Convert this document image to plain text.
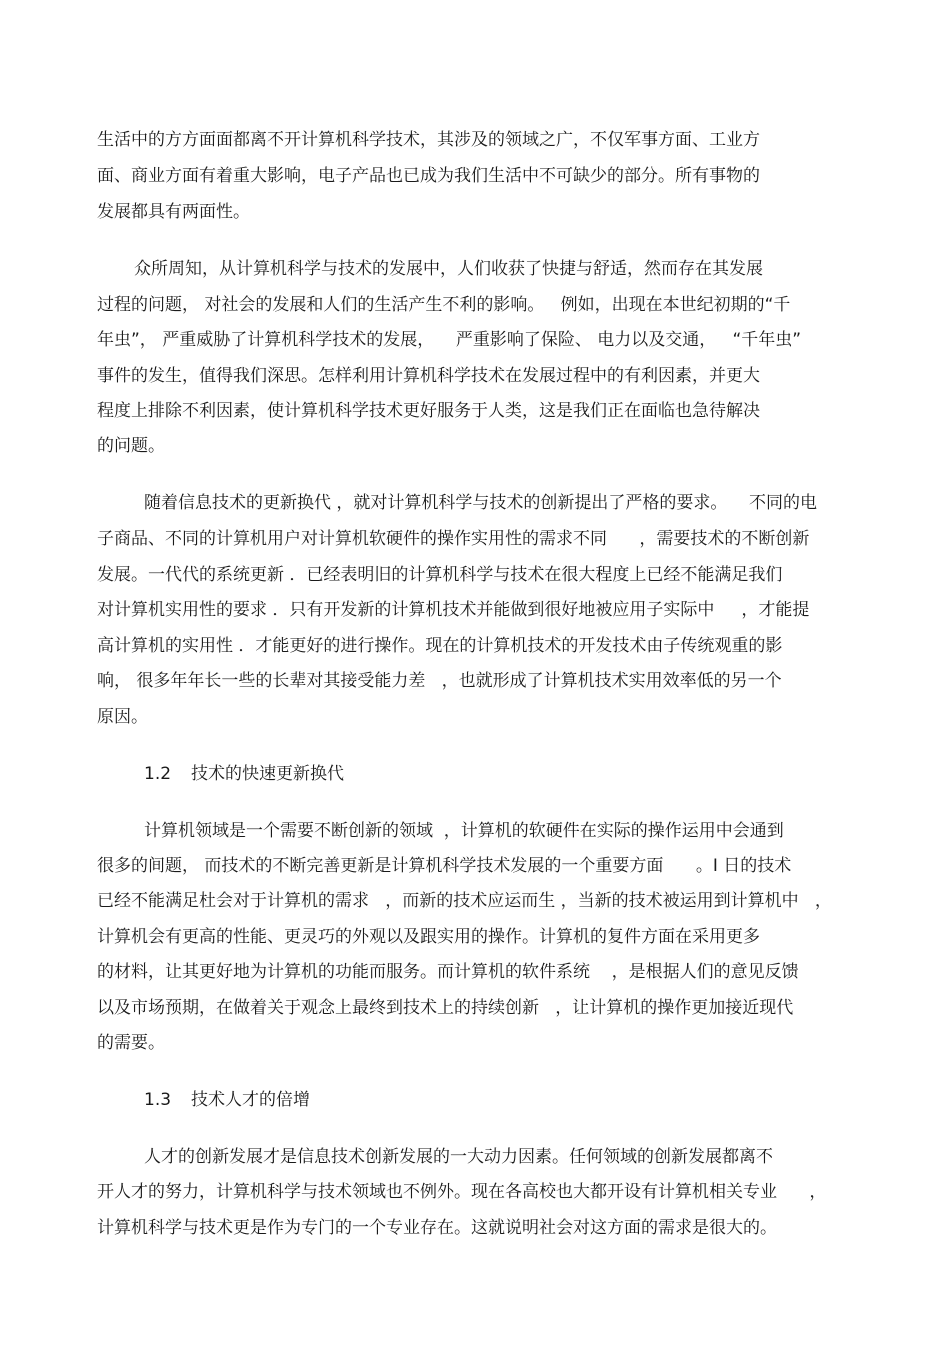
生活中的方方面面都离不开计算机科学技术，其涉及的领域之广，不仅军事方面、工业方
面、商业方面有着重大影响，电子产品也已成为我们生活中不可缺少的部分。所有事物的
发展都具有两面性。
众所周知，从计算机科学与技术的发展中，人们收获了快捷与舒适，然而存在其发展
过程的问题， 对社会的发展和人们的生活产生不利的影响。   例如，出现在本世纪初期的“千
年虫”， 严重威胁了计算机科学技术的发展，    严重影响了保险、 电力以及交通，   “千年虫”
事件的发生，值得我们深思。怎样利用计算机科学技术在发展过程中的有利因素，并更大
程度上排除不利因素，使计算机科学技术更好服务于人类，这是我们正在面临也急待解决
的问题。
随着信息技术的更新换代 ，就对计算机科学与技术的创新提出了严格的要求。    不同的电
子商品、不同的计算机用户对计算机软硬件的操作实用性的需求不同      ，需要技术的不断创新
发展。一代代的系统更新 ．已经表明旧的计算机科学与技术在很大程度上已经不能满足我们
对计算机实用性的要求 ．只有开发新的计算机技术并能做到很好地被应用子实际中     ，才能提
高计算机的实用性 ．才能更好的进行操作。现在的计算机技术的开发技术由子传统观重的影
响， 很多年年长一些的长辈对其接受能力差   ，也就形成了计算机技术实用效率低的另一个
原因。
1.2 技术的快速更新换代
计算机领域是一个需要不断创新的领域  ，计算机的软硬件在实际的操作运用中会通到
很多的间题， 而技术的不断完善更新是计算机科学技术发展的一个重要方面      。I 日的技术
已经不能满足杜会对于计算机的需求   ，而新的技术应运而生 ，当新的技术被运用到计算机中   ，
计算机会有更高的性能、更灵巧的外观以及跟实用的操作。计算机的复件方面在采用更多
的材料，让其更好地为计算机的功能而服务。而计算机的软件系统    ，是根据人们的意见反馈
以及市场预期，在做着关于观念上最终到技术上的持续创新   ，让计算机的操作更加接近现代
的需要。
1.3 技术人才的倍增
人才的创新发展才是信息技术创新发展的一大动力因素。任何领域的创新发展都离不
开人才的努力，计算机科学与技术领域也不例外。现在各高校也大都开设有计算机相关专业      ，
计算机科学与技术更是作为专门的一个专业存在。这就说明社会对这方面的需求是很大的。
